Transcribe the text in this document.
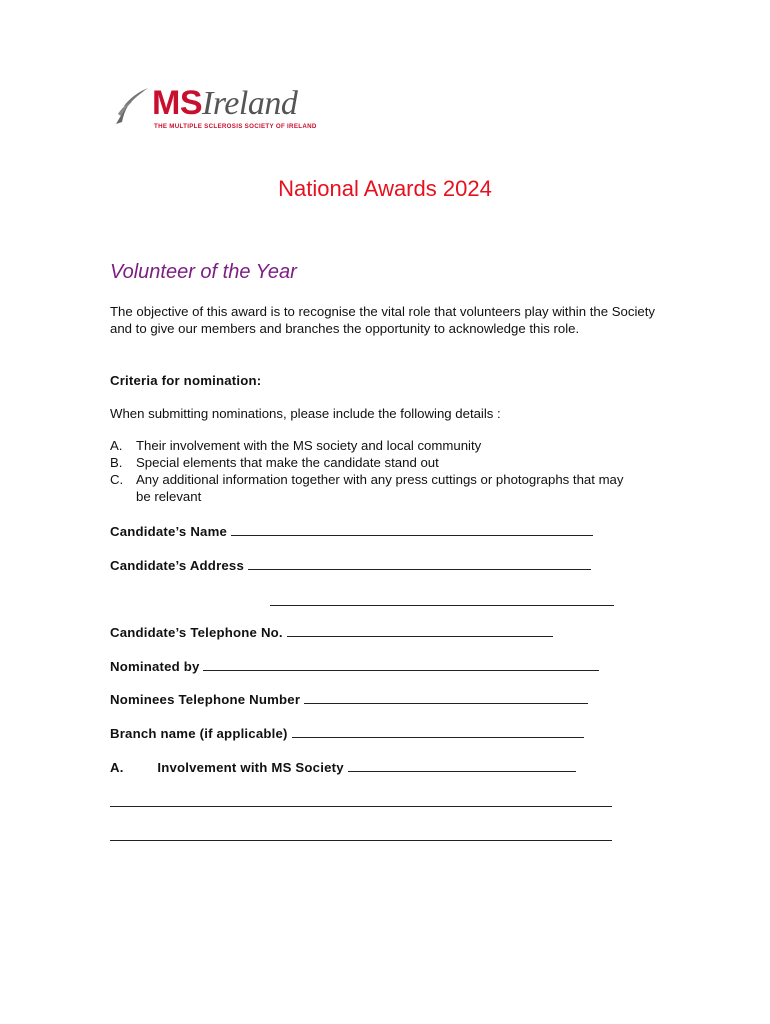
MSIreland
THE MULTIPLE SCLEROSIS SOCIETY OF IRELAND
National Awards 2024
Volunteer of the Year

The objective of this award is to recognise the vital role that volunteers play within the Society and to give our members and branches the opportunity to acknowledge this role.

Criteria for nomination:
When submitting nominations, please include the following details :
A. Their involvement with the MS society and local community
B. Special elements that make the candidate stand out
C. Any additional information together with any press cuttings or photographs that may be relevant
Candidate’s Name
Candidate’s Address
Candidate’s Telephone No.
Nominated by
Nominees Telephone Number
Branch name (if applicable)
A.	Involvement with MS Society
